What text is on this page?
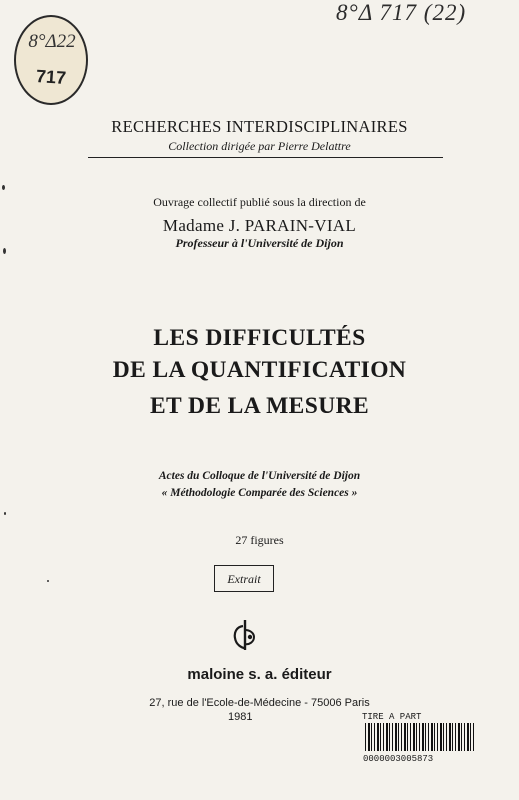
8°Δ 717 (22)
8°Δ22
717
RECHERCHES INTERDISCIPLINAIRES
Collection dirigée par Pierre Delattre
Ouvrage collectif publié sous la direction de
Madame J. PARAIN-VIAL
Professeur à l'Université de Dijon
LES DIFFICULTÉS
DE LA QUANTIFICATION
ET DE LA MESURE
Actes du Colloque de l'Université de Dijon
« Méthodologie Comparée des Sciences »
27 figures
Extrait
maloine s. a. éditeur
27, rue de l'Ecole-de-Médecine - 75006 Paris
1981	TIRE A PART
0000003005873
